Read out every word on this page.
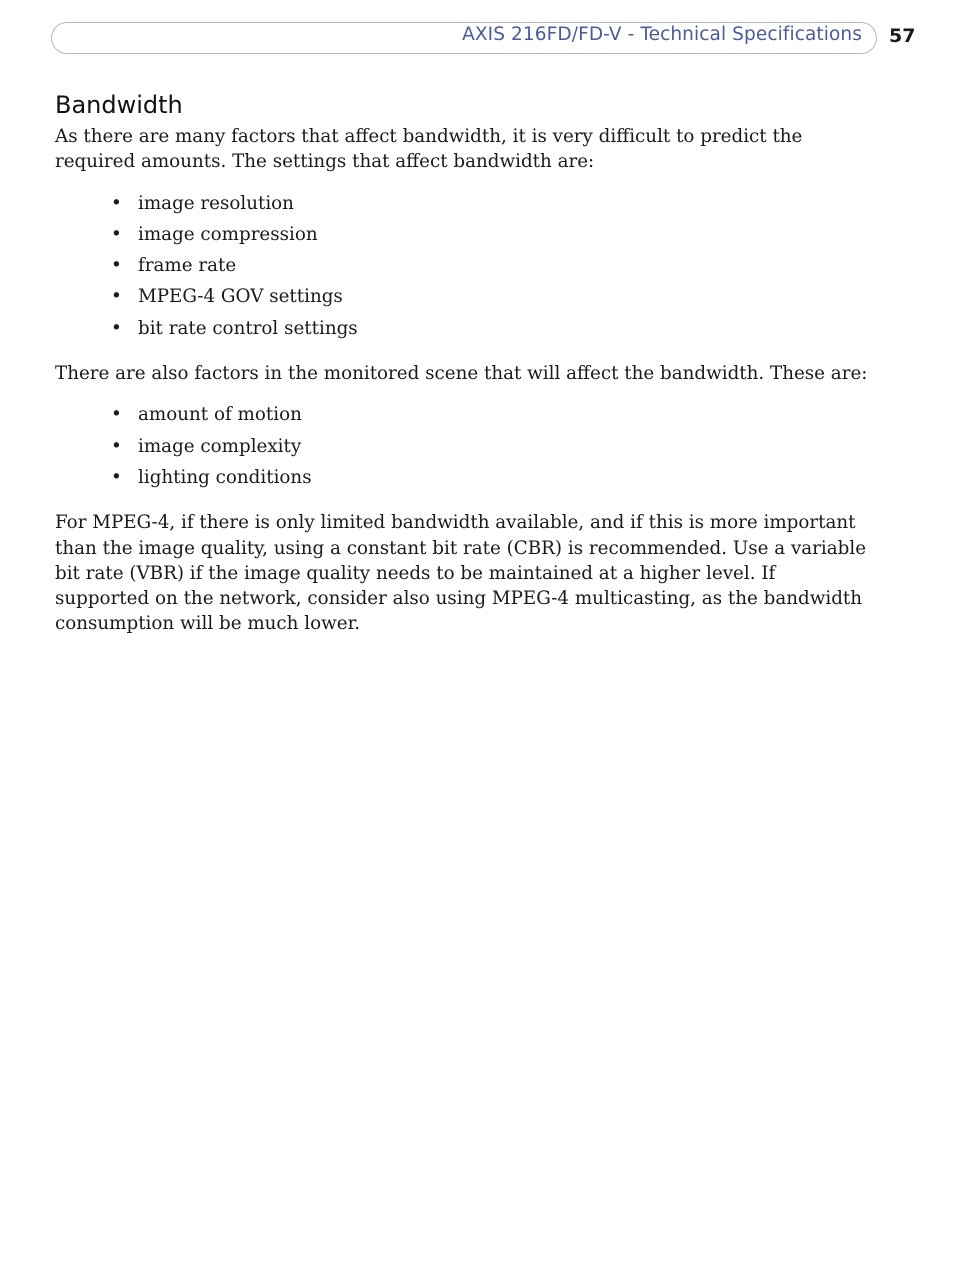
AXIS 216FD/FD-V - Technical Specifications 57
Bandwidth

As there are many factors that affect bandwidth, it is very difficult to predict the required amounts. The settings that affect bandwidth are:

• image resolution
• image compression
• frame rate
• MPEG-4 GOV settings
• bit rate control settings

There are also factors in the monitored scene that will affect the bandwidth. These are:

• amount of motion
• image complexity
• lighting conditions

For MPEG-4, if there is only limited bandwidth available, and if this is more important than the image quality, using a constant bit rate (CBR) is recommended. Use a variable bit rate (VBR) if the image quality needs to be maintained at a higher level. If supported on the network, consider also using MPEG-4 multicasting, as the bandwidth consumption will be much lower.
